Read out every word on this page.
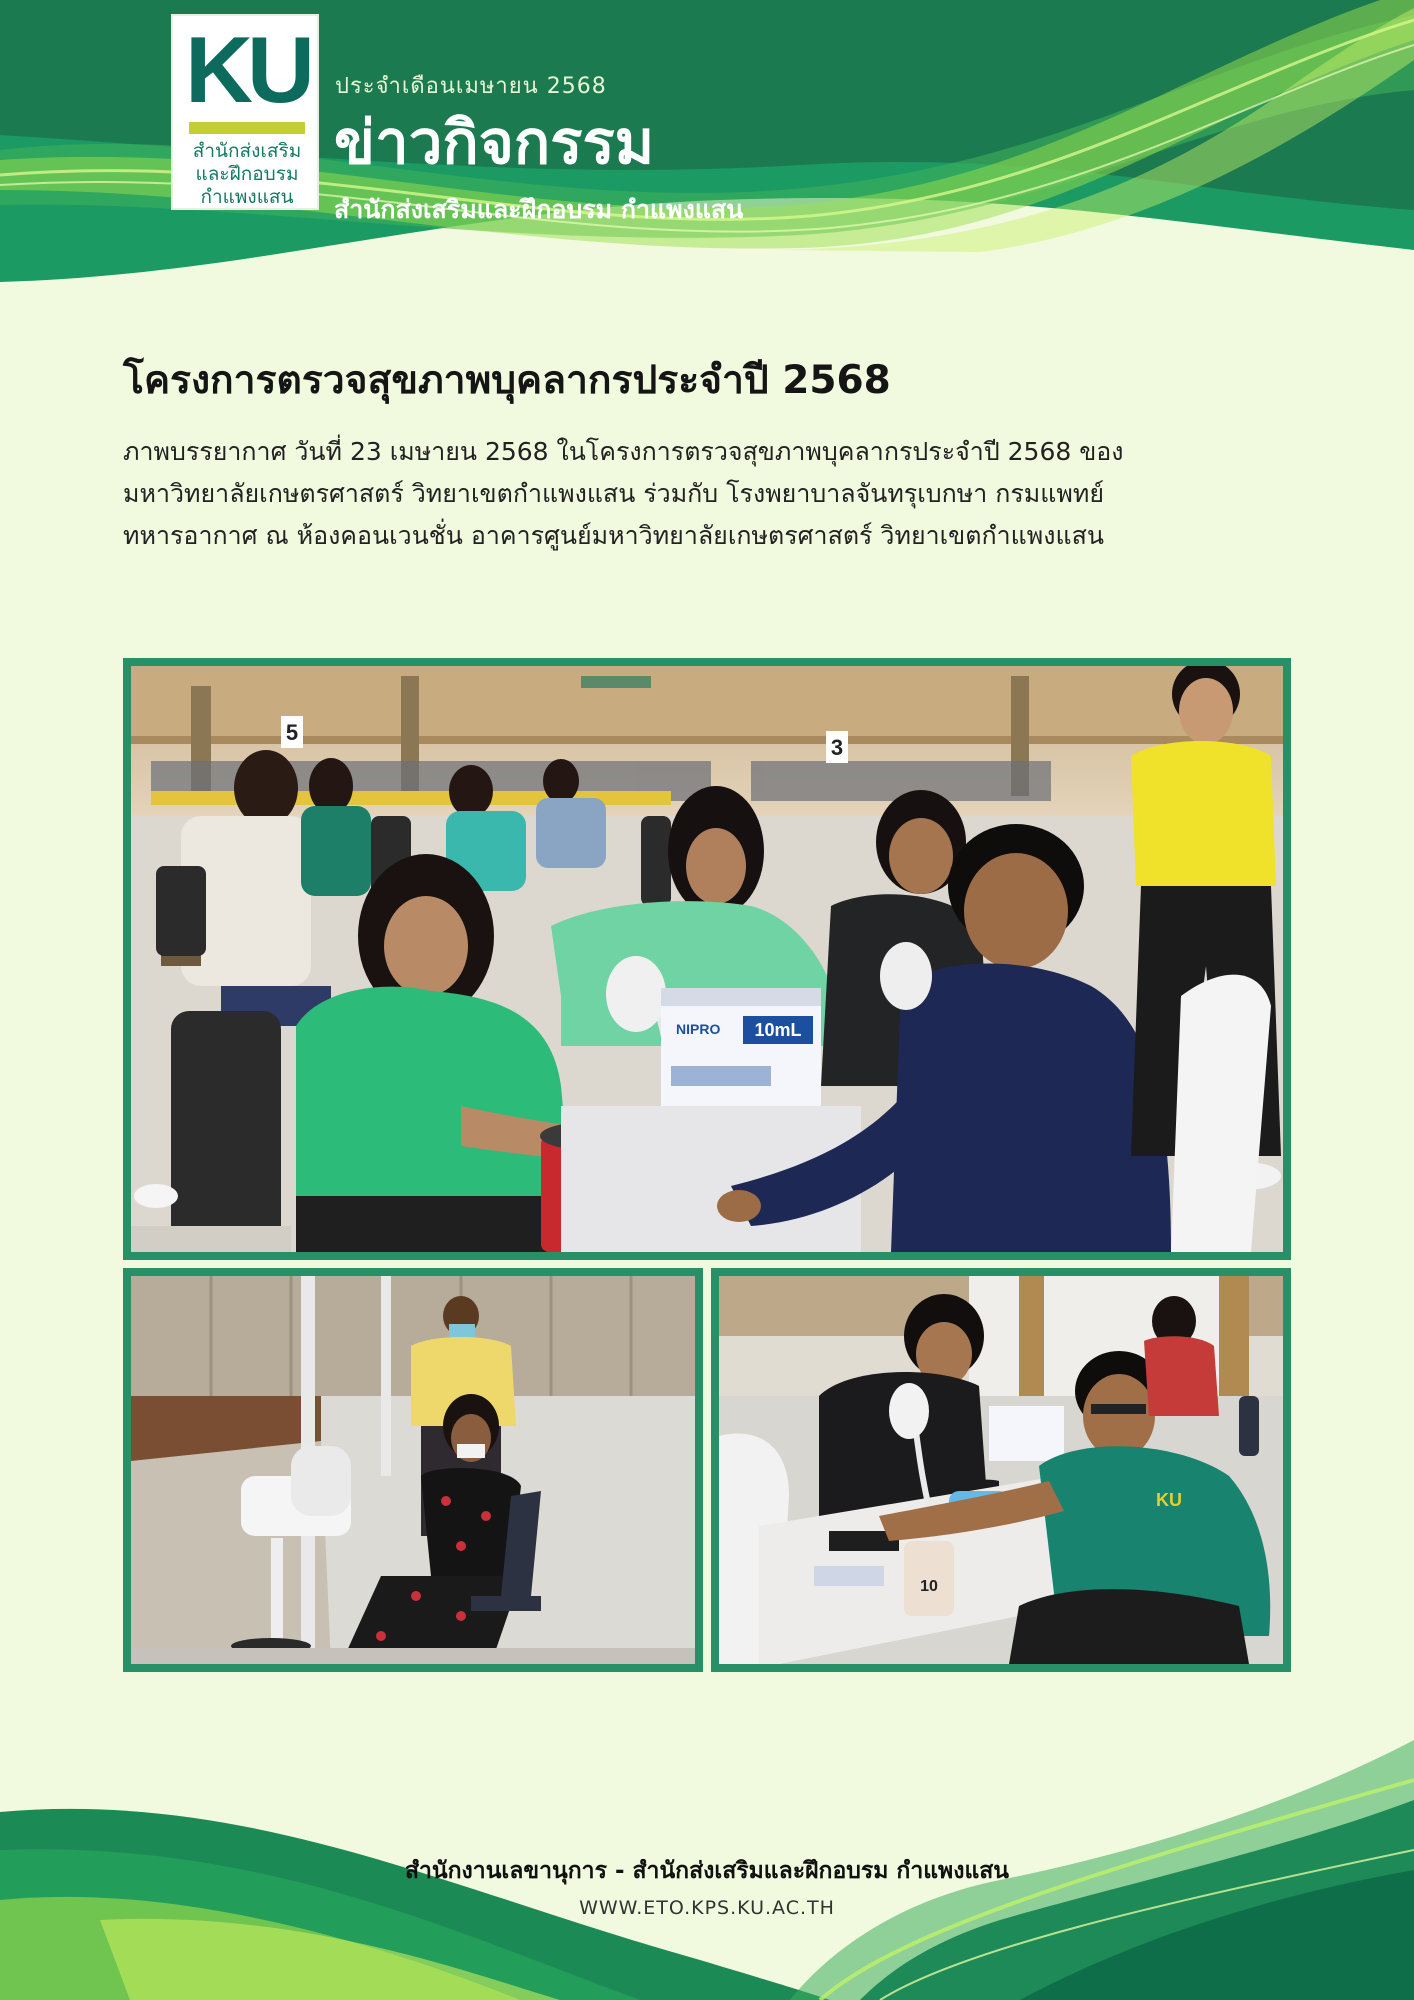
KU
สำนักส่งเสริม
และฝึกอบรม
กำแพงแสน
ประจำเดือนเมษายน 2568
ข่าวกิจกรรม
สำนักส่งเสริมและฝึกอบรม กำแพงแสน
โครงการตรวจสุขภาพบุคลากรประจำปี 2568

ภาพบรรยากาศ วันที่ 23 เมษายน 2568 ในโครงการตรวจสุขภาพบุคลากรประจำปี 2568 ของ
มหาวิทยาลัยเกษตรศาสตร์ วิทยาเขตกำแพงแสน ร่วมกับ โรงพยาบาลจันทรุเบกษา กรมแพทย์
ทหารอากาศ ณ ห้องคอนเวนชั่น อาคารศูนย์มหาวิทยาลัยเกษตรศาสตร์ วิทยาเขตกำแพงแสน

5
3
NIPRO 10mL
10
KU
สำนักงานเลขานุการ - สำนักส่งเสริมและฝึกอบรม กำแพงแสน
WWW.ETO.KPS.KU.AC.TH
